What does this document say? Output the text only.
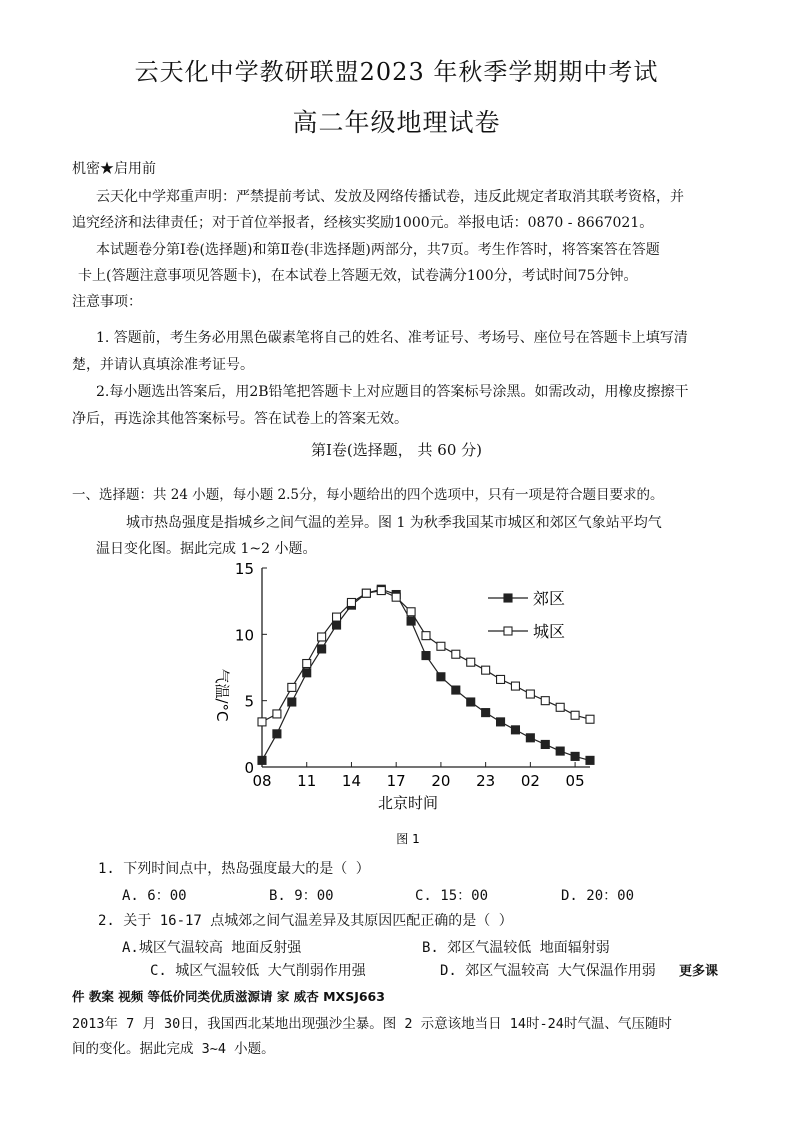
云天化中学教研联盟2023 年秋季学期期中考试
高二年级地理试卷
机密★启用前
云天化中学郑重声明：严禁提前考试、发放及网络传播试卷，违反此规定者取消其联考资格，并
追究经济和法律责任；对于首位举报者，经核实奖励1000元。举报电话：0870 - 8667021。
本试题卷分第Ⅰ卷(选择题)和第Ⅱ卷(非选择题)两部分，共7页。考生作答时，将答案答在答题
卡上(答题注意事项见答题卡)，在本试卷上答题无效，试卷满分100分，考试时间75分钟。
注意事项：
1. 答题前，考生务必用黑色碳素笔将自己的姓名、准考证号、考场号、座位号在答题卡上填写清
楚，并请认真填涂准考证号。
2.每小题选出答案后，用2B铅笔把答题卡上对应题目的答案标号涂黑。如需改动，用橡皮擦擦干
净后，再选涂其他答案标号。答在试卷上的答案无效。
第Ⅰ卷(选择题， 共 60 分)
一、选择题：共 24 小题，每小题 2.5分，每小题给出的四个选项中，只有一项是符合题目要求的。
城市热岛强度是指城乡之间气温的差异。图 1 为秋季我国某市城区和郊区气象站平均气
温日变化图。据此完成 1~2 小题。
0
5
10
15
08 11 14 17 20 23 02 05
郊区
城区
北京时间
气温/°C
图 1
1. 下列时间点中，热岛强度最大的是（ ）
A. 6：00	B. 9：00	C. 15：00	D. 20：00
2. 关于 16-17 点城郊之间气温差异及其原因匹配正确的是（ ）
A.城区气温较高 地面反射强	B. 郊区气温较低 地面辐射弱
C. 城区气温较低 大气削弱作用强	D. 郊区气温较高 大气保温作用弱 更多课
件 教案 视频 等低价同类优质滋源请 家 威杏 MXSJ663
2013年 7 月 30日，我国西北某地出现强沙尘暴。图 2 示意该地当日 14时-24时气温、气压随时
间的变化。据此完成 3~4 小题。
